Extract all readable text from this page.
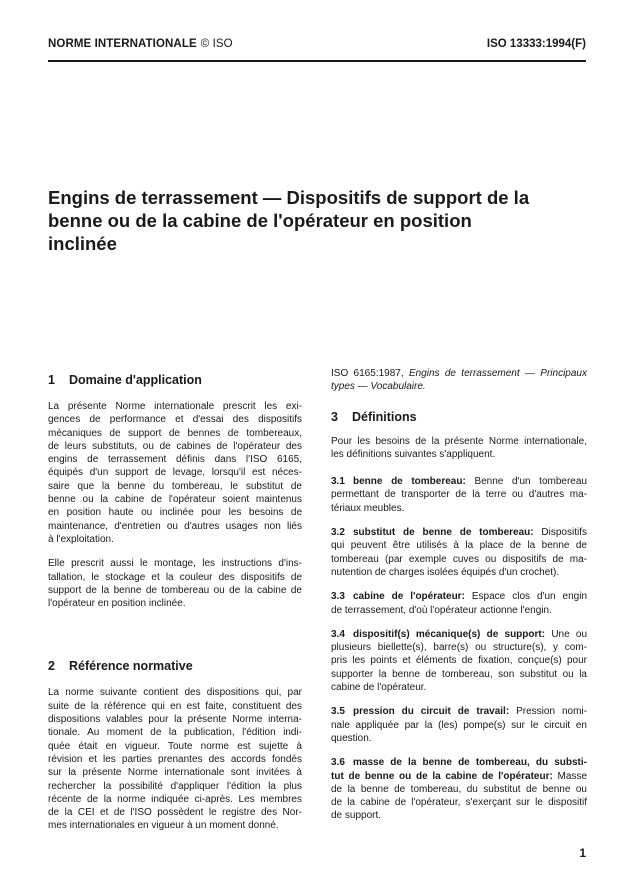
NORME INTERNATIONALE © ISO	ISO 13333:1994(F)
Engins de terrassement — Dispositifs de support de la
benne ou de la cabine de l'opérateur en position
inclinée
1 Domaine d'application

La présente Norme internationale prescrit les exi-
gences de performance et d'essai des dispositifs
mécaniques de support de bennes de tombereaux,
de leurs substituts, ou de cabines de l'opérateur des
engins de terrassement définis dans l'ISO 6165,
équipés d'un support de levage, lorsqu'il est néces-
saire que la benne du tombereau, le substitut de
benne ou la cabine de l'opérateur soient maintenus
en position haute ou inclinée pour les besoins de
maintenance, d'entretien ou d'autres usages non liés
à l'exploitation.

Elle prescrit aussi le montage, les instructions d'ins-
tallation, le stockage et la couleur des dispositifs de
support de la benne de tombereau ou de la cabine de
l'opérateur en position inclinée.

2 Référence normative

La norme suivante contient des dispositions qui, par
suite de la référence qui en est faite, constituent des
dispositions valables pour la présente Norme interna-
tionale. Au moment de la publication, l'édition indi-
quée était en vigueur. Toute norme est sujette à
révision et les parties prenantes des accords fondés
sur la présente Norme internationale sont invitées à
rechercher la possibilité d'appliquer l'édition la plus
récente de la norme indiquée ci-après. Les membres
de la CEI et de l'ISO possèdent le registre des Nor-
mes internationales en vigueur à un moment donné.

ISO 6165:1987, Engins de terrassement — Principaux
types — Vocabulaire.

3 Définitions

Pour les besoins de la présente Norme internationale,
les définitions suivantes s'appliquent.

3.1 benne de tombereau: Benne d'un tombereau
permettant de transporter de la terre ou d'autres ma-
tériaux meubles.

3.2 substitut de benne de tombereau: Dispositifs
qui peuvent être utilisés à la place de la benne de
tombereau (par exemple cuves ou dispositifs de ma-
nutention de charges isolées équipés d'un crochet).

3.3 cabine de l'opérateur: Espace clos d'un engin
de terrassement, d'où l'opérateur actionne l'engin.

3.4 dispositif(s) mécanique(s) de support: Une ou
plusieurs biellette(s), barre(s) ou structure(s), y com-
pris les points et éléments de fixation, conçue(s) pour
supporter la benne de tombereau, son substitut ou la
cabine de l'opérateur.

3.5 pression du circuit de travail: Pression nomi-
nale appliquée par la (les) pompe(s) sur le circuit en
question.

3.6 masse de la benne de tombereau, du substi-
tut de benne ou de la cabine de l'opérateur: Masse
de la benne de tombereau, du substitut de benne ou
de la cabine de l'opérateur, s'exerçant sur le dispositif
de support.

1
